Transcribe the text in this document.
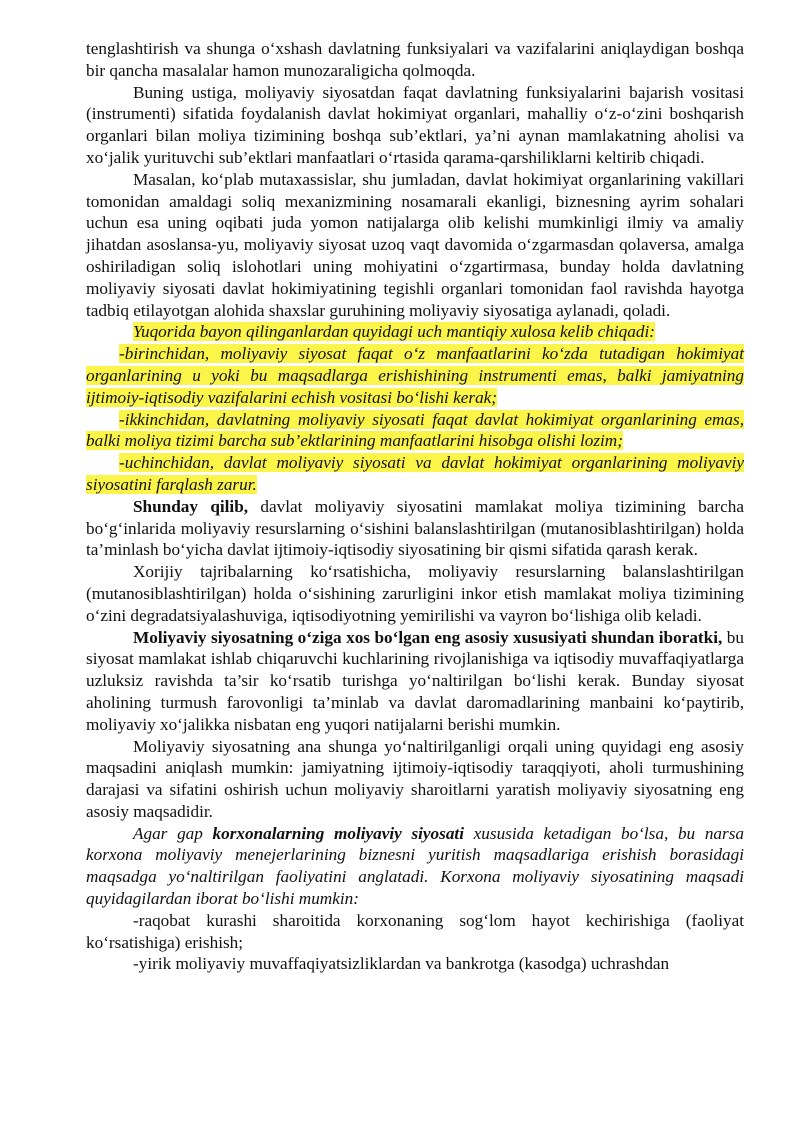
tenglashtirish va shunga o‘xshash davlatning funksiyalari va vazifalarini aniqlaydigan boshqa bir qancha masalalar hamon munozaraligicha qolmoqda.

Buning ustiga, moliyaviy siyosatdan faqat davlatning funksiyalarini bajarish vositasi (instrumenti) sifatida foydalanish davlat hokimiyat organlari, mahalliy o‘z-o‘zini boshqarish organlari bilan moliya tizimining boshqa sub’ektlari, ya’ni aynan mamlakatning aholisi va xo‘jalik yurituvchi sub’ektlari manfaatlari o‘rtasida qarama-qarshiliklarni keltirib chiqadi.

Masalan, ko‘plab mutaxassislar, shu jumladan, davlat hokimiyat organlarining vakillari tomonidan amaldagi soliq mexanizmining nosamarali ekanligi, biznesning ayrim sohalari uchun esa uning oqibati juda yomon natijalarga olib kelishi mumkinligi ilmiy va amaliy jihatdan asoslansa-yu, moliyaviy siyosat uzoq vaqt davomida o‘zgarmasdan qolaversa, amalga oshiriladigan soliq islohotlari uning mohiyatini o‘zgartirmasa, bunday holda davlatning moliyaviy siyosati davlat hokimiyatining tegishli organlari tomonidan faol ravishda hayotga tadbiq etilayotgan alohida shaxslar guruhining moliyaviy siyosatiga aylanadi, qoladi.

Yuqorida bayon qilinganlardan quyidagi uch mantiqiy xulosa kelib chiqadi:

-birinchidan, moliyaviy siyosat faqat o‘z manfaatlarini ko‘zda tutadigan hokimiyat organlarining u yoki bu maqsadlarga erishishining instrumenti emas, balki jamiyatning ijtimoiy-iqtisodiy vazifalarini echish vositasi bo‘lishi kerak;

-ikkinchidan, davlatning moliyaviy siyosati faqat davlat hokimiyat organlarining emas, balki moliya tizimi barcha sub’ektlarining manfaatlarini hisobga olishi lozim;

-uchinchidan, davlat moliyaviy siyosati va davlat hokimiyat organlarining moliyaviy siyosatini farqlash zarur.

Shunday qilib, davlat moliyaviy siyosatini mamlakat moliya tizimining barcha bo‘g‘inlarida moliyaviy resurslarning o‘sishini balanslashtirilgan (mutanosiblashtirilgan) holda ta’minlash bo‘yicha davlat ijtimoiy-iqtisodiy siyosatining bir qismi sifatida qarash kerak.

Xorijiy tajribalarning ko‘rsatishicha, moliyaviy resurslarning balanslashtirilgan (mutanosiblashtirilgan) holda o‘sishining zarurligini inkor etish mamlakat moliya tizimining o‘zini degradatsiyalashuviga, iqtisodiyotning yemirilishi va vayron bo‘lishiga olib keladi.

Moliyaviy siyosatning o‘ziga xos bo‘lgan eng asosiy xususiyati shundan iboratki, bu siyosat mamlakat ishlab chiqaruvchi kuchlarining rivojlanishiga va iqtisodiy muvaffaqiyatlarga uzluksiz ravishda ta’sir ko‘rsatib turishga yo‘naltirilgan bo‘lishi kerak. Bunday siyosat aholining turmush farovonligi ta’minlab va davlat daromadlarining manbaini ko‘paytirib, moliyaviy xo‘jalikka nisbatan eng yuqori natijalarni berishi mumkin.

Moliyaviy siyosatning ana shunga yo‘naltirilganligi orqali uning quyidagi eng asosiy maqsadini aniqlash mumkin: jamiyatning ijtimoiy-iqtisodiy taraqqiyoti, aholi turmushining darajasi va sifatini oshirish uchun moliyaviy sharoitlarni yaratish moliyaviy siyosatning eng asosiy maqsadidir.

Agar gap korxonalarning moliyaviy siyosati xususida ketadigan bo‘lsa, bu narsa korxona moliyaviy menejerlarining biznesni yuritish maqsadlariga erishish borasidagi maqsadga yo‘naltirilgan faoliyatini anglatadi. Korxona moliyaviy siyosatining maqsadi quyidagilardan iborat bo‘lishi mumkin:

-raqobat kurashi sharoitida korxonaning sog‘lom hayot kechirishiga (faoliyat ko‘rsatishiga) erishish;

-yirik moliyaviy muvaffaqiyatsizliklardan va bankrotga (kasodga) uchrashdan
